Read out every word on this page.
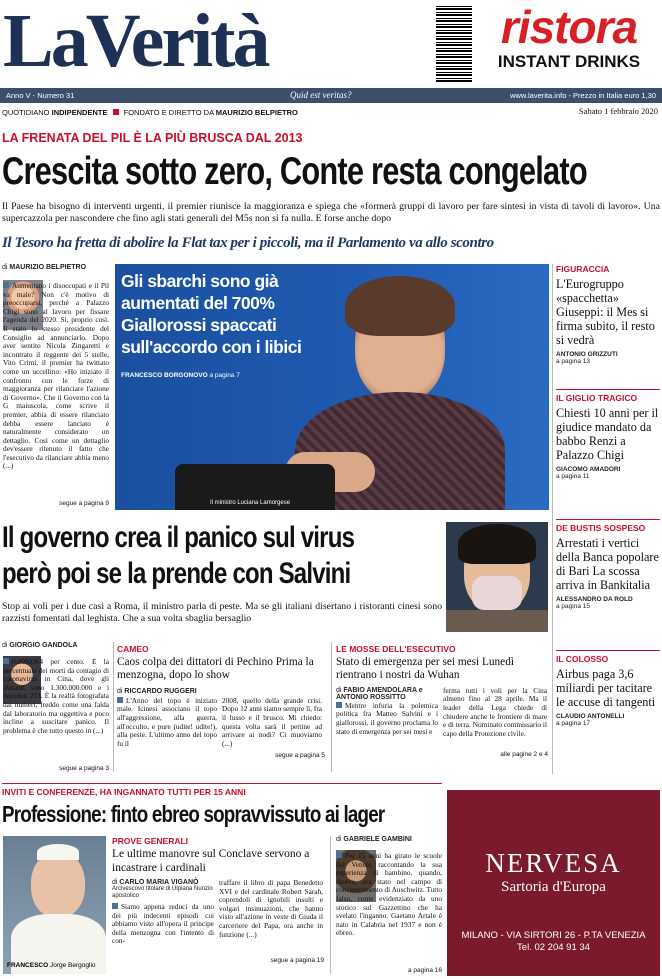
LaVerità	ristora
INSTANT DRINKS
Anno V - Numero 31	Quid est veritas?	www.laverita.info - Prezzo in Italia euro 1,30
QUOTIDIANO INDIPENDENTE FONDATO E DIRETTO DA MAURIZIO BELPIETRO	Sabato 1 febbraio 2020
LA FRENATA DEL PIL È LA PIÙ BRUSCA DAL 2013
Crescita sotto zero, Conte resta congelato
Il Paese ha bisogno di interventi urgenti, il premier riunisce la maggioranza e spiega che «formerà gruppi di lavoro per fare sintesi in vista di tavoli di lavoro». Una supercazzola per nascondere che fino agli stati generali del M5s non si fa nulla. E forse anche dopo
Il Tesoro ha fretta di abolire la Flat tax per i piccoli, ma il Parlamento va allo scontro
di MAURIZIO BELPIETRO
Aumentano i disoccupati e il Pil va male? Non c'è motivo di preoccuparsi, perché a Palazzo Chigi sono al lavoro per fissare l'agenda del 2020. Sì, proprio così. Il stato lo stesso presidente del Consiglio ad annunciarlo. Dopo aver sentito Nicola Zingaretti e incontrato il reggente dei 5 stelle, Vito Crimi, il premier ha twittato come un uccellino: «Ho iniziato il confronto con le forze di maggioranza per rilanciare l'azione di Governo». Che il Governo con la G maiuscola, come scrive il premier, abbia di essere rilanciato debba essere lanciato è naturalmente considerato un dettaglio. Così come un dettaglio dev'essere ritenuto il fatto che l'esecutivo da rilanciare abbia meno (...)
segue a pagina 9
Gli sbarchi sono già aumentati del 700% Giallorossi spaccati sull'accordo con i libici
FRANCESCO BORGONOVO a pagina 7
Il ministro Luciana Lamorgese
FIGURACCIA
L'Eurogruppo «spacchetta» Giuseppi: il Mes si firma subito, il resto si vedrà
ANTONIO GRIZZUTI
a pagina 13
IL GIGLIO TRAGICO
Chiesti 10 anni per il giudice mandato da babbo Renzi a Palazzo Chigi
GIACOMO AMADORI
a pagina 11
DE BUSTIS SOSPESO
Arrestati i vertici della Banca popolare di Bari La scossa arriva in Bankitalia
ALESSANDRO DA ROLD
a pagina 15
IL COLOSSO
Airbus paga 3,6 miliardi per tacitare le accuse di tangenti
CLAUDIO ANTONELLI
a pagina 17
Il governo crea il panico sul virus
però poi se la prende con Salvini
Stop ai voli per i due casi a Roma, il ministro parla di peste. Ma se gli italiani disertano i ristoranti cinesi sono razzisti fomentati dal leghista. Che a sua volta sbaglia bersaglio
di GIORGIO GANDOLA
0,0000364 per cento. È la percentuale dei morti da contagio di coronavirus in Cina, dove gli abitanti sono 1.300.000.000 e i deceduti 213. È la realtà fotografata dai numeri, freddo come una falda dal laboratorio ma oggettiva e poco incline a suscitare panico. Il problema è che tutto questo in (...)
segue a pagina 3
CAMEO
Caos colpa dei dittatori di Pechino Prima la menzogna, dopo lo show
di RICCARDO RUGGERI
L'Anno del topo è iniziato male. Icinesi associano il topo all'aggressione, alla guerra, all'occulto, e pure (udite! udite!), alla peste. L'ultimo anno del topo fu il
2008, quello della grande crisi. Dopo 12 anni siamo sempre lì, fra il lusso e il brusco. Mi chiedo: questa volta sarà il pettine ad arrivare ai nodi? Ci muoviamo (...)
segue a pagina 5
LE MOSSE DELL'ESECUTIVO
Stato di emergenza per sei mesi Lunedì rientrano i nostri da Wuhan
di FABIO AMENDOLARA e ANTONIO ROSSITTO
Mentre infuria la polemica politica fra Matteo Salvini e i giallorossi, il governo proclama lo stato di emergenza per sei mesi e
ferma tutti i voli per la Cina almeno fino al 28 aprile. Ma il leader della Lega chiede di chiudere anche le frontiere di mare e di terra. Nominato commissario il capo della Protezione civile.
alle pagine 2 e 4
INVITI E CONFERENZE, HA INGANNATO TUTTI PER 15 ANNI
Professione: finto ebreo sopravvissuto ai lager
FRANCESCO Jorge Bergoglio
PROVE GENERALI
Le ultime manovre sul Conclave servono a incastrare i cardinali
di CARLO MARIA VIGANÒ
Arcivescovo titolare di Ulpiana Nunzio apostolico
Siamo appena reduci da uno dei più indecenti episodi cui abbiamo visto all'opera il principe della menzogna con l'intento di con-
traffare il libro di papa Benedetto XVI e del cardinale Robert Sarah, coprendoli di ignobili insulti e volgari insinuazioni, che hanno visto all'azione in veste di Giuda il carceriere del Papa, ora anche in funzione (...)
segue a pagina 19
di GABRIELE GAMBINI
Per 15 anni ha girato le scuole del Veneto raccontando la sua esperienza di bambino, quando, diceva, era stato nel campo di concentramento di Auschwitz. Tutto falso, come evidenziato da uno storico sul Gazzettino che ha svelato l'inganno. Gaetano Artale è nato in Calabria nel 1937 e non è ebreo.
a pagina 16
NERVESA
Sartoria d'Europa
MILANO - VIA SIRTORI 26 - P.TA VENEZIA
Tel. 02 204 91 34
